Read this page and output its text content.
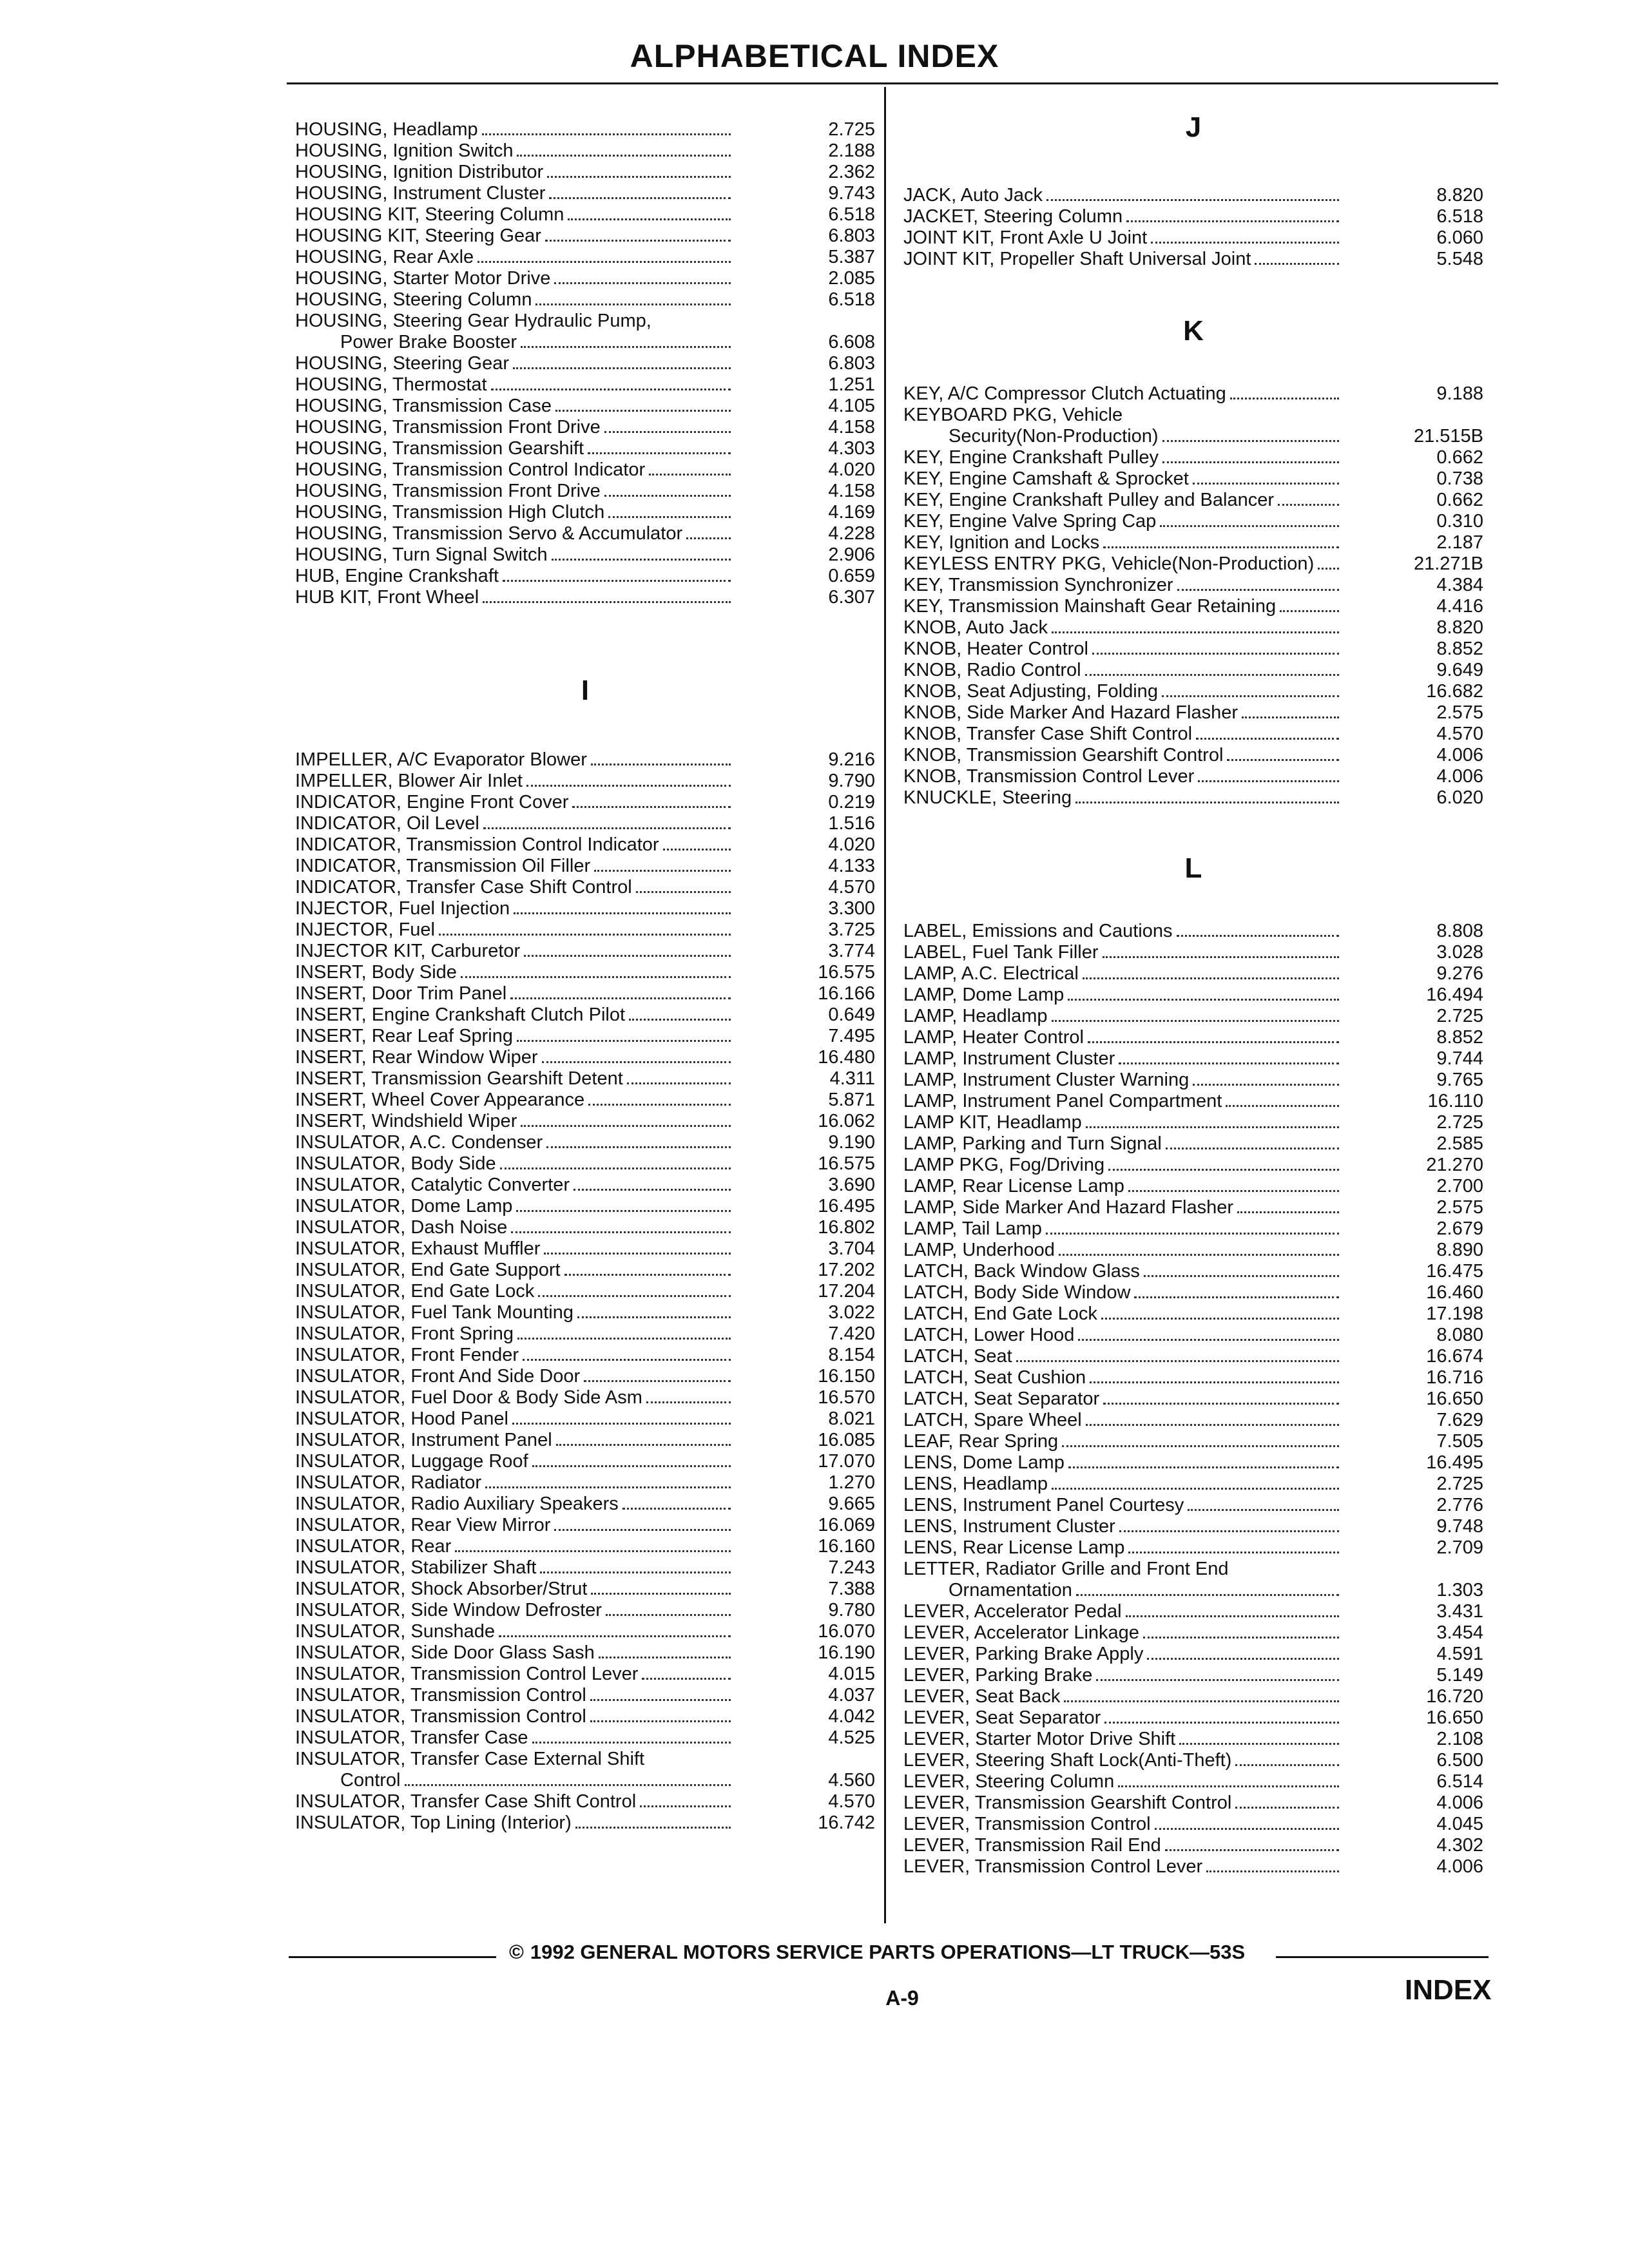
ALPHABETICAL INDEX
HOUSING, Headlamp	2.725
HOUSING, Ignition Switch	2.188
HOUSING, Ignition Distributor	2.362
HOUSING, Instrument Cluster	9.743
HOUSING KIT, Steering Column	6.518
HOUSING KIT, Steering Gear	6.803
HOUSING, Rear Axle	5.387
HOUSING, Starter Motor Drive	2.085
HOUSING, Steering Column	6.518
HOUSING, Steering Gear Hydraulic Pump,
Power Brake Booster	6.608
HOUSING, Steering Gear	6.803
HOUSING, Thermostat	1.251
HOUSING, Transmission Case	4.105
HOUSING, Transmission Front Drive	4.158
HOUSING, Transmission Gearshift	4.303
HOUSING, Transmission Control Indicator	4.020
HOUSING, Transmission Front Drive	4.158
HOUSING, Transmission High Clutch	4.169
HOUSING, Transmission Servo & Accumulator	4.228
HOUSING, Turn Signal Switch	2.906
HUB, Engine Crankshaft	0.659
HUB KIT, Front Wheel	6.307
I
IMPELLER, A/C Evaporator Blower	9.216
IMPELLER, Blower Air Inlet	9.790
INDICATOR, Engine Front Cover	0.219
INDICATOR, Oil Level	1.516
INDICATOR, Transmission Control Indicator	4.020
INDICATOR, Transmission Oil Filler	4.133
INDICATOR, Transfer Case Shift Control	4.570
INJECTOR, Fuel Injection	3.300
INJECTOR, Fuel	3.725
INJECTOR KIT, Carburetor	3.774
INSERT, Body Side	16.575
INSERT, Door Trim Panel	16.166
INSERT, Engine Crankshaft Clutch Pilot	0.649
INSERT, Rear Leaf Spring	7.495
INSERT, Rear Window Wiper	16.480
INSERT, Transmission Gearshift Detent	4.311
INSERT, Wheel Cover Appearance	5.871
INSERT, Windshield Wiper	16.062
INSULATOR, A.C. Condenser	9.190
INSULATOR, Body Side	16.575
INSULATOR, Catalytic Converter	3.690
INSULATOR, Dome Lamp	16.495
INSULATOR, Dash Noise	16.802
INSULATOR, Exhaust Muffler	3.704
INSULATOR, End Gate Support	17.202
INSULATOR, End Gate Lock	17.204
INSULATOR, Fuel Tank Mounting	3.022
INSULATOR, Front Spring	7.420
INSULATOR, Front Fender	8.154
INSULATOR, Front And Side Door	16.150
INSULATOR, Fuel Door & Body Side Asm	16.570
INSULATOR, Hood Panel	8.021
INSULATOR, Instrument Panel	16.085
INSULATOR, Luggage Roof	17.070
INSULATOR, Radiator	1.270
INSULATOR, Radio Auxiliary Speakers	9.665
INSULATOR, Rear View Mirror	16.069
INSULATOR, Rear	16.160
INSULATOR, Stabilizer Shaft	7.243
INSULATOR, Shock Absorber/Strut	7.388
INSULATOR, Side Window Defroster	9.780
INSULATOR, Sunshade	16.070
INSULATOR, Side Door Glass Sash	16.190
INSULATOR, Transmission Control Lever	4.015
INSULATOR, Transmission Control	4.037
INSULATOR, Transmission Control	4.042
INSULATOR, Transfer Case	4.525
INSULATOR, Transfer Case External Shift
Control	4.560
INSULATOR, Transfer Case Shift Control	4.570
INSULATOR, Top Lining (Interior)	16.742
J
JACK, Auto Jack	8.820
JACKET, Steering Column	6.518
JOINT KIT, Front Axle U Joint	6.060
JOINT KIT, Propeller Shaft Universal Joint	5.548
K
KEY, A/C Compressor Clutch Actuating	9.188
KEYBOARD PKG, Vehicle
Security(Non-Production)	21.515B
KEY, Engine Crankshaft Pulley	0.662
KEY, Engine Camshaft & Sprocket	0.738
KEY, Engine Crankshaft Pulley and Balancer	0.662
KEY, Engine Valve Spring Cap	0.310
KEY, Ignition and Locks	2.187
KEYLESS ENTRY PKG, Vehicle(Non-Production)	21.271B
KEY, Transmission Synchronizer	4.384
KEY, Transmission Mainshaft Gear Retaining	4.416
KNOB, Auto Jack	8.820
KNOB, Heater Control	8.852
KNOB, Radio Control	9.649
KNOB, Seat Adjusting, Folding	16.682
KNOB, Side Marker And Hazard Flasher	2.575
KNOB, Transfer Case Shift Control	4.570
KNOB, Transmission Gearshift Control	4.006
KNOB, Transmission Control Lever	4.006
KNUCKLE, Steering	6.020
L
LABEL, Emissions and Cautions	8.808
LABEL, Fuel Tank Filler	3.028
LAMP, A.C. Electrical	9.276
LAMP, Dome Lamp	16.494
LAMP, Headlamp	2.725
LAMP, Heater Control	8.852
LAMP, Instrument Cluster	9.744
LAMP, Instrument Cluster Warning	9.765
LAMP, Instrument Panel Compartment	16.110
LAMP KIT, Headlamp	2.725
LAMP, Parking and Turn Signal	2.585
LAMP PKG, Fog/Driving	21.270
LAMP, Rear License Lamp	2.700
LAMP, Side Marker And Hazard Flasher	2.575
LAMP, Tail Lamp	2.679
LAMP, Underhood	8.890
LATCH, Back Window Glass	16.475
LATCH, Body Side Window	16.460
LATCH, End Gate Lock	17.198
LATCH, Lower Hood	8.080
LATCH, Seat	16.674
LATCH, Seat Cushion	16.716
LATCH, Seat Separator	16.650
LATCH, Spare Wheel	7.629
LEAF, Rear Spring	7.505
LENS, Dome Lamp	16.495
LENS, Headlamp	2.725
LENS, Instrument Panel Courtesy	2.776
LENS, Instrument Cluster	9.748
LENS, Rear License Lamp	2.709
LETTER, Radiator Grille and Front End
Ornamentation	1.303
LEVER, Accelerator Pedal	3.431
LEVER, Accelerator Linkage	3.454
LEVER, Parking Brake Apply	4.591
LEVER, Parking Brake	5.149
LEVER, Seat Back	16.720
LEVER, Seat Separator	16.650
LEVER, Starter Motor Drive Shift	2.108
LEVER, Steering Shaft Lock(Anti-Theft)	6.500
LEVER, Steering Column	6.514
LEVER, Transmission Gearshift Control	4.006
LEVER, Transmission Control	4.045
LEVER, Transmission Rail End	4.302
LEVER, Transmission Control Lever	4.006
© 1992 GENERAL MOTORS SERVICE PARTS OPERATIONS—LT TRUCK—53S
A-9	INDEX
